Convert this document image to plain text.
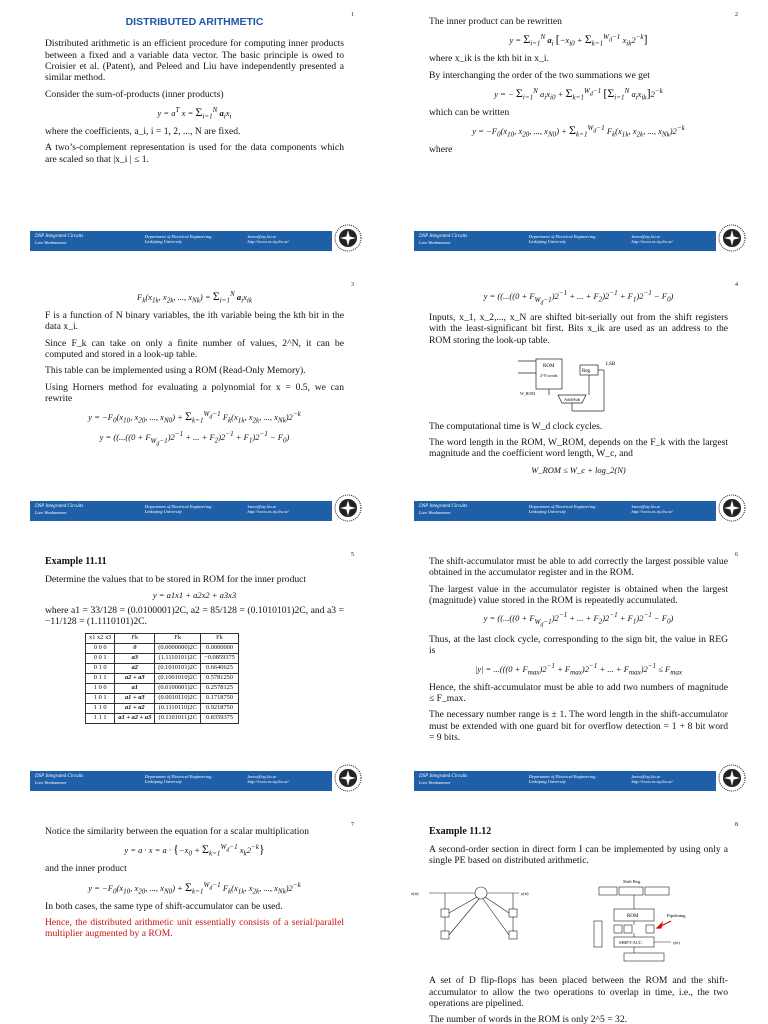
1
DISTRIBUTED ARITHMETIC

Distributed arithmetic is an efficient procedure for computing inner products between a fixed and a variable data vector. The basic principle is owed to Croisier et al. (Patent), and Peleed and Liu have independently presented a similar method.

Consider the sum-of-products (inner products)

$y = a^T$ $x = \Sigma_{i=1}^N$ $a_ix_i$

where the coefficients, a_i, i = 1, 2, ..., N are fixed.

A two’s-complement representation is used for the data components which are scaled so that |x_i | ≤ 1.

DSP Integrated Circuits
Lars Wanhammar
Department of Electrical Engineering
Linköping University
larsw@isy.liu.se
http://www.es.isy.liu.se/
2

The inner product can be rewritten

$y = \Sigma_{i=1}^N$ $a_i$ [$-x_{i0} + \Sigma_{k=1}^{W_d-1}$ $x_{ik}2^{-k}$]

where x_ik is the kth bit in x_i.

By interchanging the order of the two summations we get

y = − $\Sigma_{i=1}^N$ $a_ix_{i0} + \Sigma_{k=1}^{W_d-1}$ [$\Sigma_{i=1}^N$ $a_ix_{ik}]2^{-k}$

which can be written

$y = -F_0(x_{10}$, $x_{20}$, ..., $x_{N0}) + \Sigma_{k=1}^{W_d-1}$ $F_k(x_{1k}$, $x_{2k}$, ..., $x_{Nk})2^{-k}$

where

DSP Integrated Circuits
Lars Wanhammar
Department of Electrical Engineering
Linköping University
larsw@isy.liu.se
http://www.es.isy.liu.se/
3
$F_k(x_{1k}$, $x_{2k}$, ..., $x_{Nk}) = \Sigma_{i=1}^N$ $a_ix_{ik}$

F is a function of N binary variables, the ith variable being the kth bit in the data x_i.

Since F_k can take on only a finite number of values, 2^N, it can be computed and stored in a look-up table.

This table can be implemented using a ROM (Read-Only Memory).

Using Horners method for evaluating a polynomial for x = 0.5, we can rewrite

$y = -F_0(x_{10}$, $x_{20}$, ..., $x_{N0}) + \Sigma_{k=1}^{W_d-1}$ $F_k(x_{1k}$, $x_{2k}$, ..., $x_{Nk})2^{-k}$
$y = ((...((0 + F_{W_d-1})2^{-1}$ + ... + $F_2)2^{-1} + F_1)2^{-1} - F_0$)
DSP Integrated Circuits
Lars Wanhammar
Department of Electrical Engineering
Linköping University
larsw@isy.liu.se
http://www.es.isy.liu.se/
4
$y = ((...((0 + F_{W_d-1})2^{-1}$ + ... + $F_2)2^{-1} + F_1)2^{-1} - F_0$)

Inputs, x_1, x_2,..., x_N are shifted bit-serially out from the shift registers with the least-significant bit first. Bits x_ik are used as an address to the ROM storing the look-up table.

ROM
2^N words
Reg.
LSB
Add/Sub
W_ROM

The computational time is W_d clock cycles.

The word length in the ROM, W_ROM, depends on the F_k with the largest magnitude and the coefficient word length, W_c, and

W_ROM ≤ W_c + log_2(N)
DSP Integrated Circuits
Lars Wanhammar
Department of Electrical Engineering
Linköping University
larsw@isy.liu.se
http://www.es.isy.liu.se/
5
Example 11.11

Determine the values that to be stored in ROM for the inner product

y = a1x1 + a2x2 + a3x3

where a1 = 33/128 = (0.0100001)2C, a2 = 85/128 = (0.1010101)2C, and a3 = −11/128 = (1.1110101)2C.

x1 x2 x3	Fk	Fk	Fk
0 0 0	0	(0.0000000)2C	0.0000000
0 0 1	a3	(1.1110101)2C	−0.0859375
0 1 0	a2	(0.1010101)2C	0.6640625
0 1 1	a2 + a3	(0.1001010)2C	0.5781250
1 0 0	a1	(0.0100001)2C	0.2578125
1 0 1	a1 + a3	(0.0010110)2C	0.1718750
1 1 0	a1 + a2	(0.1110110)2C	0.9218750
1 1 1	a1 + a2 + a3	(0.1101011)2C	0.8359375
DSP Integrated Circuits
Lars Wanhammar
Department of Electrical Engineering
Linköping University
larsw@isy.liu.se
http://www.es.isy.liu.se/
6

The shift-accumulator must be able to add correctly the largest possible value obtained in the accumulator register and in the ROM.

The largest value in the accumulator register is obtained when the largest (magnitude) value stored in the ROM is repeatedly accumulated.

$y = ((...((0 + F_{W_d-1})2^{-1}$ + ... + $F_2)2^{-1} + F_1)2^{-1} - F_0$)

Thus, at the last clock cycle, corresponding to the sign bit, the value in REG is

$|y| = ...(((0 + F_{max})2^{-1} + F_{max})2^{-1}$ + ... + $F_{max})2^{-1} \le F_{max}$

Hence, the shift-accumulator must be able to add two numbers of magnitude ≤ F_max.

The necessary number range is ± 1. The word length in the shift-accumulator must be extended with one guard bit for overflow detection = 1 + 8 bit word = 9 bits.

DSP Integrated Circuits
Lars Wanhammar
Department of Electrical Engineering
Linköping University
larsw@isy.liu.se
http://www.es.isy.liu.se/
7

Notice the similarity between the equation for a scalar multiplication

$y = a \cdot x = a \cdot \{-x_0 + \Sigma_{k=1}^{W_d-1}$ $x_k2^{-k}$}

and the inner product

$y = -F_0(x_{10}$, $x_{20}$, ..., $x_{N0}) + \Sigma_{k=1}^{W_d-1}$ $F_k(x_{1k}$, $x_{2k}$, ..., $x_{Nk})2^{-k}$

In both cases, the same type of shift-accumulator can be used.

Hence, the distributed arithmetic unit essentially consists of a serial/parallel multiplier augmented by a ROM.

8
Example 11.12

A second-order section in direct form I can be implemented by using only a single PE based on distributed arithmetic.

x(n)	y(n)
Shift Reg.
ROM
SHIFT-ACC.
Pipelining
y(n)

A set of D flip-flops has been placed between the ROM and the shift-accumulator to allow the two operations to overlap in time, i.e., the two operations are pipelined.

The number of words in the ROM is only 2^5 = 32.
